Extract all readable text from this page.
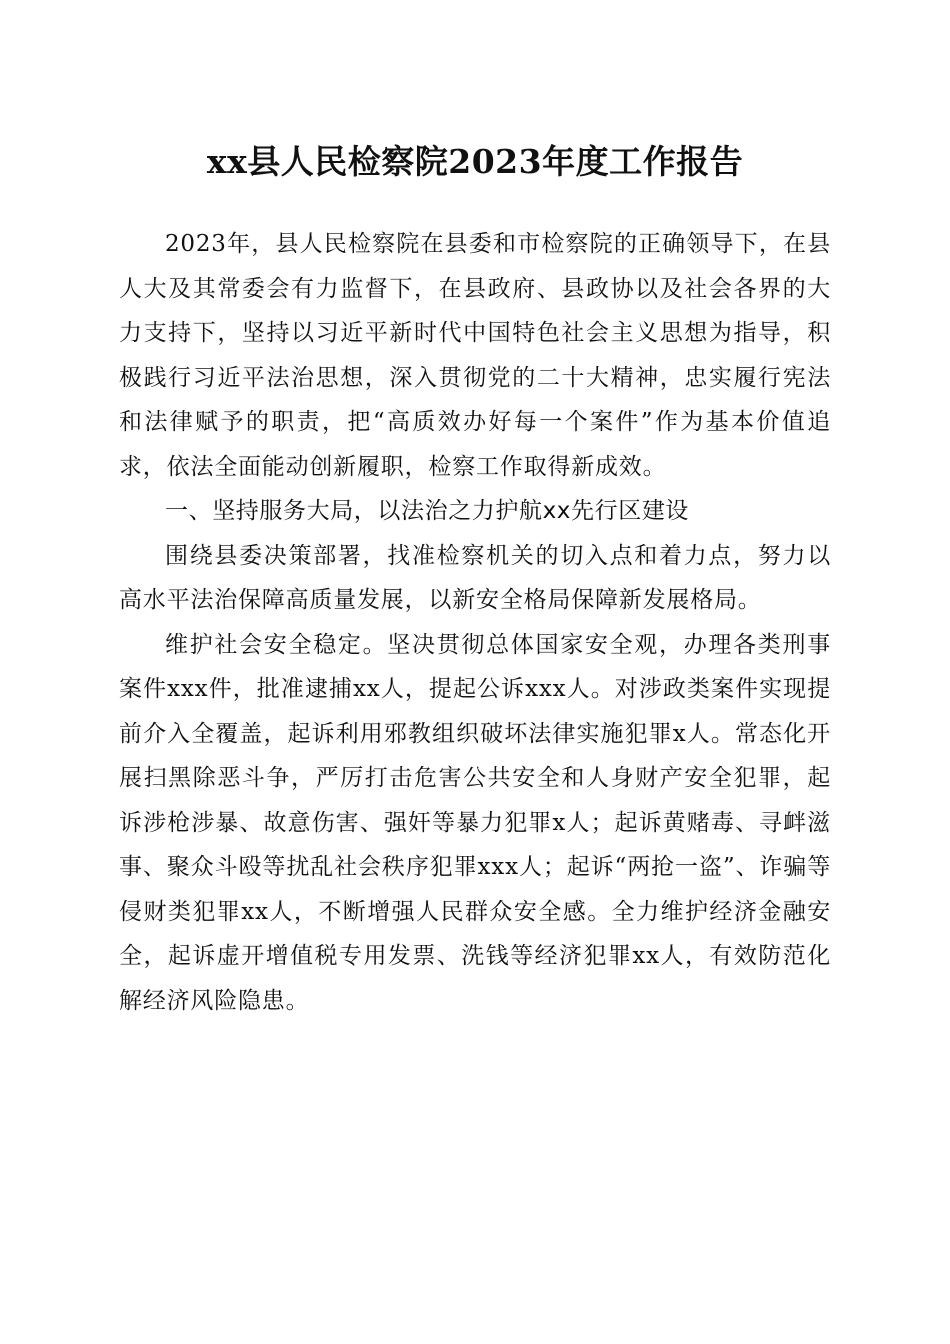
xx县人民检察院2023年度工作报告

2023年，县人民检察院在县委和市检察院的正确领导下，在县人大及其常委会有力监督下，在县政府、县政协以及社会各界的大力支持下，坚持以习近平新时代中国特色社会主义思想为指导，积极践行习近平法治思想，深入贯彻党的二十大精神，忠实履行宪法和法律赋予的职责，把“高质效办好每一个案件”作为基本价值追求，依法全面能动创新履职，检察工作取得新成效。

一、坚持服务大局，以法治之力护航xx先行区建设

围绕县委决策部署，找准检察机关的切入点和着力点，努力以高水平法治保障高质量发展，以新安全格局保障新发展格局。

维护社会安全稳定。坚决贯彻总体国家安全观，办理各类刑事案件xxx件，批准逮捕xx人，提起公诉xxx人。对涉政类案件实现提前介入全覆盖，起诉利用邪教组织破坏法律实施犯罪x人。常态化开展扫黑除恶斗争，严厉打击危害公共安全和人身财产安全犯罪，起诉涉枪涉暴、故意伤害、强奸等暴力犯罪x人；起诉黄赌毒、寻衅滋事、聚众斗殴等扰乱社会秩序犯罪xxx人；起诉“两抢一盗”、诈骗等侵财类犯罪xx人，不断增强人民群众安全感。全力维护经济金融安全，起诉虚开增值税专用发票、洗钱等经济犯罪xx人，有效防范化解经济风险隐患。
